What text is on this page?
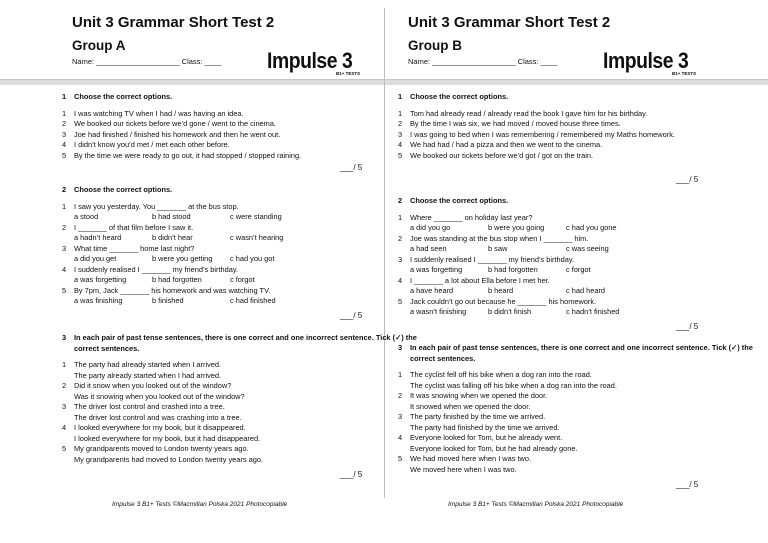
Unit 3 Grammar Short Test 2
Group A
Name: ____________________ Class: ____ Impulse 3
B1+ TESTS
1	Choose the correct options.
1	I was watching TV when I had / was having an idea.
2	We booked our tickets before we’d gone / went to the cinema.
3	Joe had finished / finished his homework and then he went out.
4	I didn’t know you’d met / met each other before.
5	By the time we were ready to go out, it had stopped / stopped raining.
___/ 5
2	Choose the correct options.
1	I saw you yesterday. You _______ at the bus stop.
a stood	b had stood	c were standing
2	I _______ of that film before I saw it.
a hadn’t heard	b didn’t hear	c wasn’t hearing
3	What time _______ home last night?
a did you get	b were you getting	c had you got
4	I suddenly realised I _______ my friend’s birthday.
a was forgetting	b had forgotten	c forgot
5	By 7pm, Jack _______ his homework and was watching TV.
a was finishing	b finished	c had finished
___/ 5
3	In each pair of past tense sentences, there is one correct and one incorrect sentence. Tick (✓) the correct sentences.
1	The party had already started when I arrived.
The party already started when I had arrived.
2	Did it snow when you looked out of the window?
Was it snowing when you looked out of the window?
3	The driver lost control and crashed into a tree.
The driver lost control and was crashing into a tree.
4	I looked everywhere for my book, but it disappeared.
I looked everywhere for my book, but it had disappeared.
5	My grandparents moved to London twenty years ago.
My grandparents had moved to London twenty years ago.
___/ 5
Impulse 3 B1+ Tests ©Macmillan Polska 2021 Photocopiable
Unit 3 Grammar Short Test 2
Group B
Name: ____________________ Class: ____ Impulse 3
B1+ TESTS
1	Choose the correct options.
1	Tom had already read / already read the book I gave him for his birthday.
2	By the time I was six, we had moved / moved house three times.
3	I was going to bed when I was remembering / remembered my Maths homework.
4	We had had / had a pizza and then we went to the cinema.
5	We booked our tickets before we’d got / got on the train.
___/ 5
2	Choose the correct options.
1	Where _______ on holiday last year?
a did you go	b were you going	c had you gone
2	Joe was standing at the bus stop when I _______ him.
a had seen	b saw	c was seeing
3	I suddenly realised I _______ my friend’s birthday.
a was forgetting	b had forgotten	c forgot
4	I _______ a lot about Ella before I met her.
a have heard	b heard	c had heard
5	Jack couldn’t go out because he _______ his homework.
a wasn’t finishing	b didn’t finish	c hadn’t finished
___/ 5
3	In each pair of past tense sentences, there is one correct and one incorrect sentence. Tick (✓) the correct sentences.
1	The cyclist fell off his bike when a dog ran into the road.
The cyclist was falling off his bike when a dog ran into the road.
2	It was snowing when we opened the door.
It snowed when we opened the door.
3	The party finished by the time we arrived.
The party had finished by the time we arrived.
4	Everyone looked for Tom, but he already went.
Everyone looked for Tom, but he had already gone.
5	We had moved here when I was two.
We moved here when I was two.
___/ 5
Impulse 3 B1+ Tests ©Macmillan Polska 2021 Photocopiable
